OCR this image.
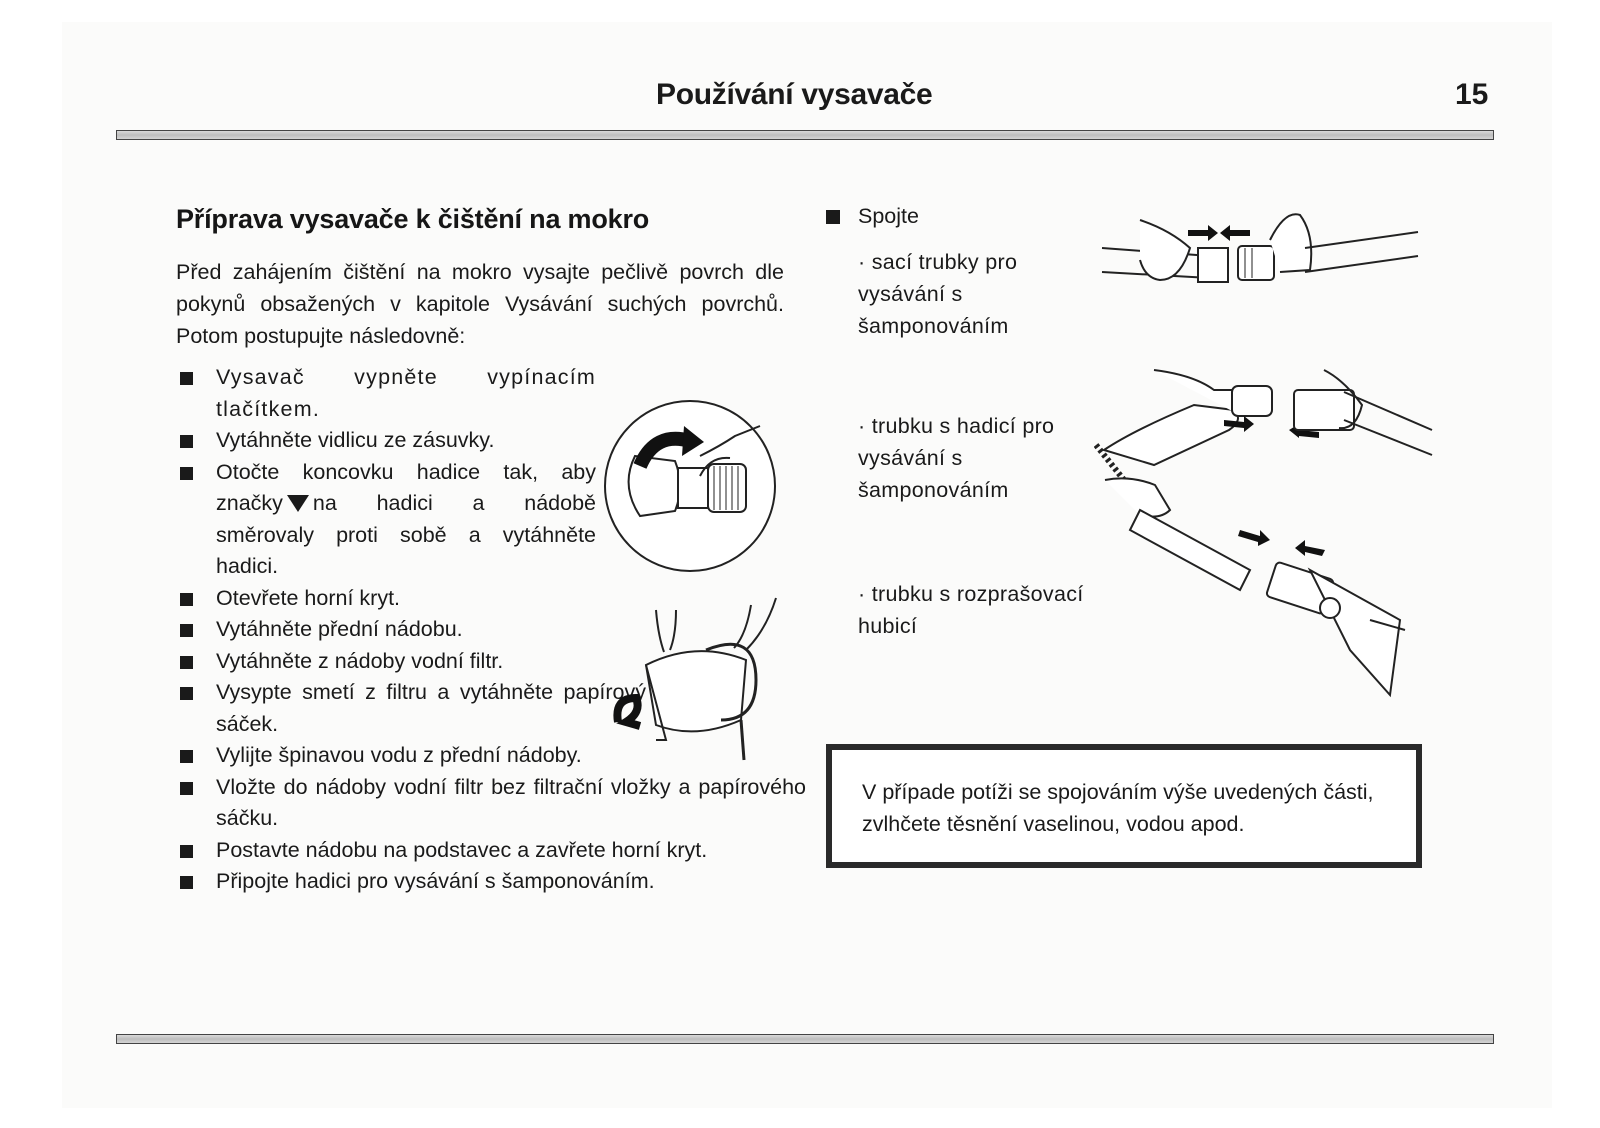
Používání vysavače	15
Příprava vysavače k čištění na mokro
Před zahájením čištění na mokro vysajte pečlivě povrch dle pokynů obsažených v kapitole Vysávání suchých povrchů. Potom postupujte následovně:
Vysavač vypněte vypínacím tlačítkem.
Vytáhněte vidlicu ze zásuvky.
Otočte koncovku hadice tak, aby značky na hadici a nádobě směrovaly proti sobě a vytáhněte hadici.
Otevřete horní kryt.
Vytáhněte přední nádobu.
Vytáhněte z nádoby vodní filtr.
Vysypte smetí z filtru a vytáhněte papírový sáček.
Vylijte špinavou vodu z přední nádoby.
Vložte do nádoby vodní filtr bez filtrační vložky a papírového sáčku.
Postavte nádobu na podstavec a zavřete horní kryt.
Připojte hadici pro vysávání s šamponováním.
Spojte
· sací trubky pro vysávání s šamponováním
· trubku s hadicí pro vysávání s šamponováním
· trubku s rozprašovací hubicí
V případe potíži se spojováním výše uvedených části, zvlhčete těsnění vaselinou, vodou apod.
